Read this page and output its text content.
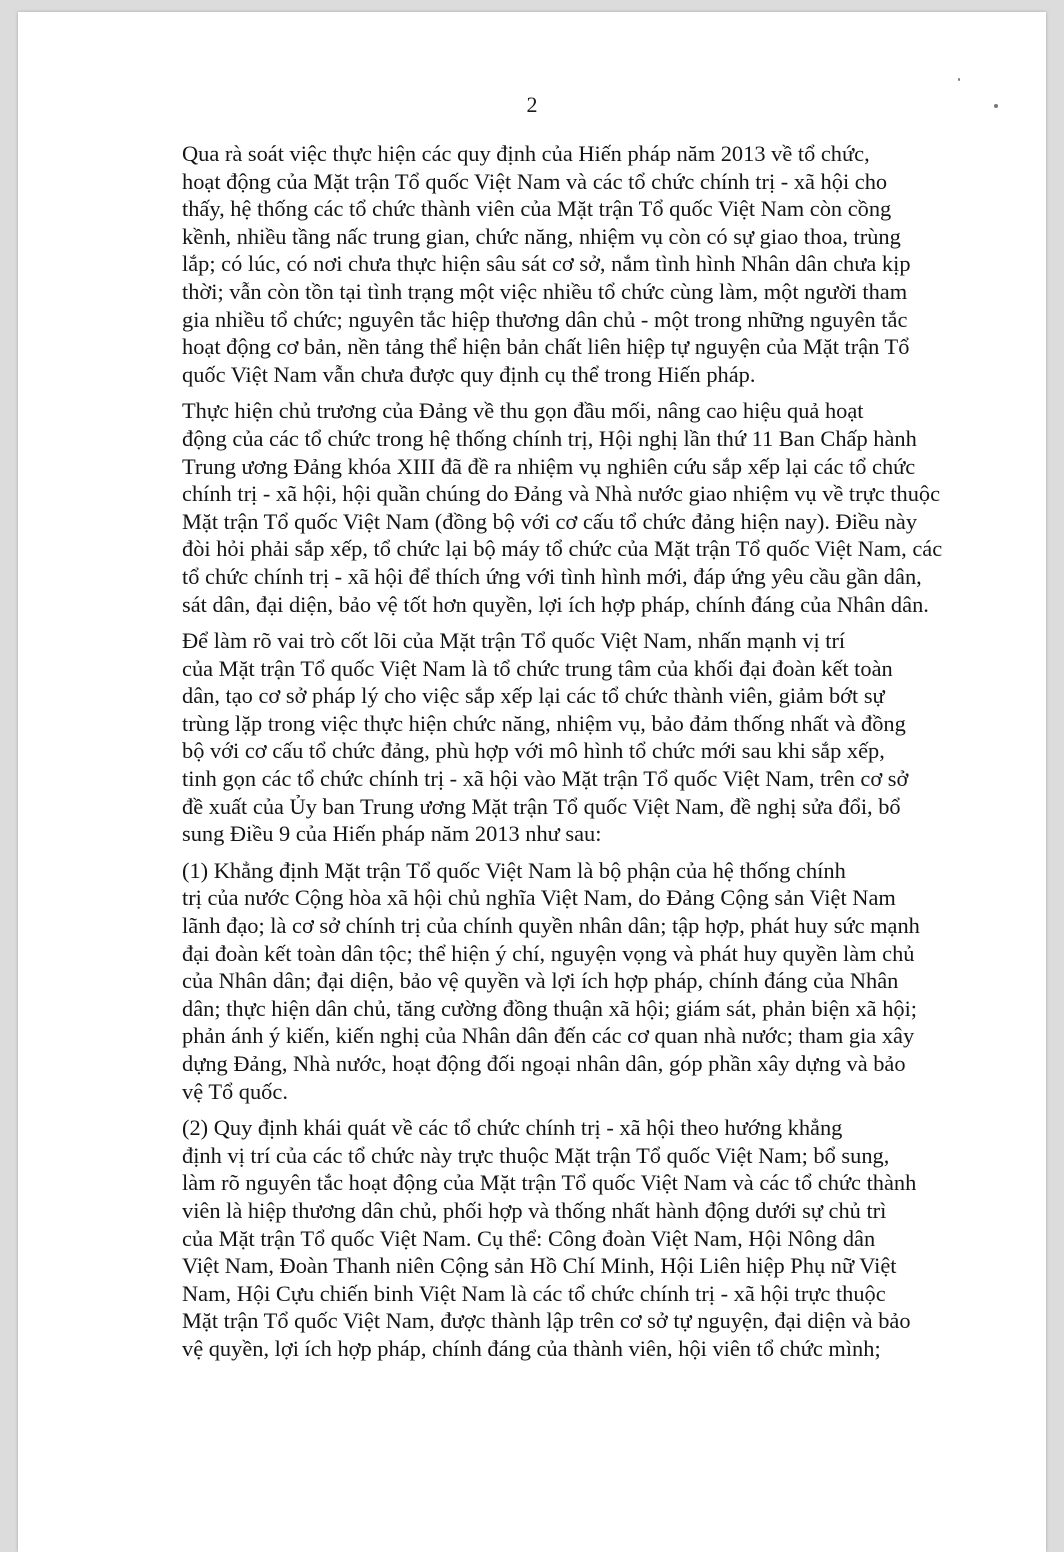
2

Qua rà soát việc thực hiện các quy định của Hiến pháp năm 2013 về tổ chức,
hoạt động của Mặt trận Tổ quốc Việt Nam và các tổ chức chính trị - xã hội cho
thấy, hệ thống các tổ chức thành viên của Mặt trận Tổ quốc Việt Nam còn cồng
kềnh, nhiều tầng nấc trung gian, chức năng, nhiệm vụ còn có sự giao thoa, trùng
lắp; có lúc, có nơi chưa thực hiện sâu sát cơ sở, nắm tình hình Nhân dân chưa kịp
thời; vẫn còn tồn tại tình trạng một việc nhiều tổ chức cùng làm, một người tham
gia nhiều tổ chức; nguyên tắc hiệp thương dân chủ - một trong những nguyên tắc
hoạt động cơ bản, nền tảng thể hiện bản chất liên hiệp tự nguyện của Mặt trận Tổ
quốc Việt Nam vẫn chưa được quy định cụ thể trong Hiến pháp.

Thực hiện chủ trương của Đảng về thu gọn đầu mối, nâng cao hiệu quả hoạt
động của các tổ chức trong hệ thống chính trị, Hội nghị lần thứ 11 Ban Chấp hành
Trung ương Đảng khóa XIII đã đề ra nhiệm vụ nghiên cứu sắp xếp lại các tổ chức
chính trị - xã hội, hội quần chúng do Đảng và Nhà nước giao nhiệm vụ về trực thuộc
Mặt trận Tổ quốc Việt Nam (đồng bộ với cơ cấu tổ chức đảng hiện nay). Điều này
đòi hỏi phải sắp xếp, tổ chức lại bộ máy tổ chức của Mặt trận Tổ quốc Việt Nam, các
tổ chức chính trị - xã hội để thích ứng với tình hình mới, đáp ứng yêu cầu gần dân,
sát dân, đại diện, bảo vệ tốt hơn quyền, lợi ích hợp pháp, chính đáng của Nhân dân.

Để làm rõ vai trò cốt lõi của Mặt trận Tổ quốc Việt Nam, nhấn mạnh vị trí
của Mặt trận Tổ quốc Việt Nam là tổ chức trung tâm của khối đại đoàn kết toàn
dân, tạo cơ sở pháp lý cho việc sắp xếp lại các tổ chức thành viên, giảm bớt sự
trùng lặp trong việc thực hiện chức năng, nhiệm vụ, bảo đảm thống nhất và đồng
bộ với cơ cấu tổ chức đảng, phù hợp với mô hình tổ chức mới sau khi sắp xếp,
tinh gọn các tổ chức chính trị - xã hội vào Mặt trận Tổ quốc Việt Nam, trên cơ sở
đề xuất của Ủy ban Trung ương Mặt trận Tổ quốc Việt Nam, đề nghị sửa đổi, bổ
sung Điều 9 của Hiến pháp năm 2013 như sau:

(1) Khẳng định Mặt trận Tổ quốc Việt Nam là bộ phận của hệ thống chính
trị của nước Cộng hòa xã hội chủ nghĩa Việt Nam, do Đảng Cộng sản Việt Nam
lãnh đạo; là cơ sở chính trị của chính quyền nhân dân; tập hợp, phát huy sức mạnh
đại đoàn kết toàn dân tộc; thể hiện ý chí, nguyện vọng và phát huy quyền làm chủ
của Nhân dân; đại diện, bảo vệ quyền và lợi ích hợp pháp, chính đáng của Nhân
dân; thực hiện dân chủ, tăng cường đồng thuận xã hội; giám sát, phản biện xã hội;
phản ánh ý kiến, kiến nghị của Nhân dân đến các cơ quan nhà nước; tham gia xây
dựng Đảng, Nhà nước, hoạt động đối ngoại nhân dân, góp phần xây dựng và bảo
vệ Tổ quốc.

(2) Quy định khái quát về các tổ chức chính trị - xã hội theo hướng khẳng
định vị trí của các tổ chức này trực thuộc Mặt trận Tổ quốc Việt Nam; bổ sung,
làm rõ nguyên tắc hoạt động của Mặt trận Tổ quốc Việt Nam và các tổ chức thành
viên là hiệp thương dân chủ, phối hợp và thống nhất hành động dưới sự chủ trì
của Mặt trận Tổ quốc Việt Nam. Cụ thể: Công đoàn Việt Nam, Hội Nông dân
Việt Nam, Đoàn Thanh niên Cộng sản Hồ Chí Minh, Hội Liên hiệp Phụ nữ Việt
Nam, Hội Cựu chiến binh Việt Nam là các tổ chức chính trị - xã hội trực thuộc
Mặt trận Tổ quốc Việt Nam, được thành lập trên cơ sở tự nguyện, đại diện và bảo
vệ quyền, lợi ích hợp pháp, chính đáng của thành viên, hội viên tổ chức mình;
